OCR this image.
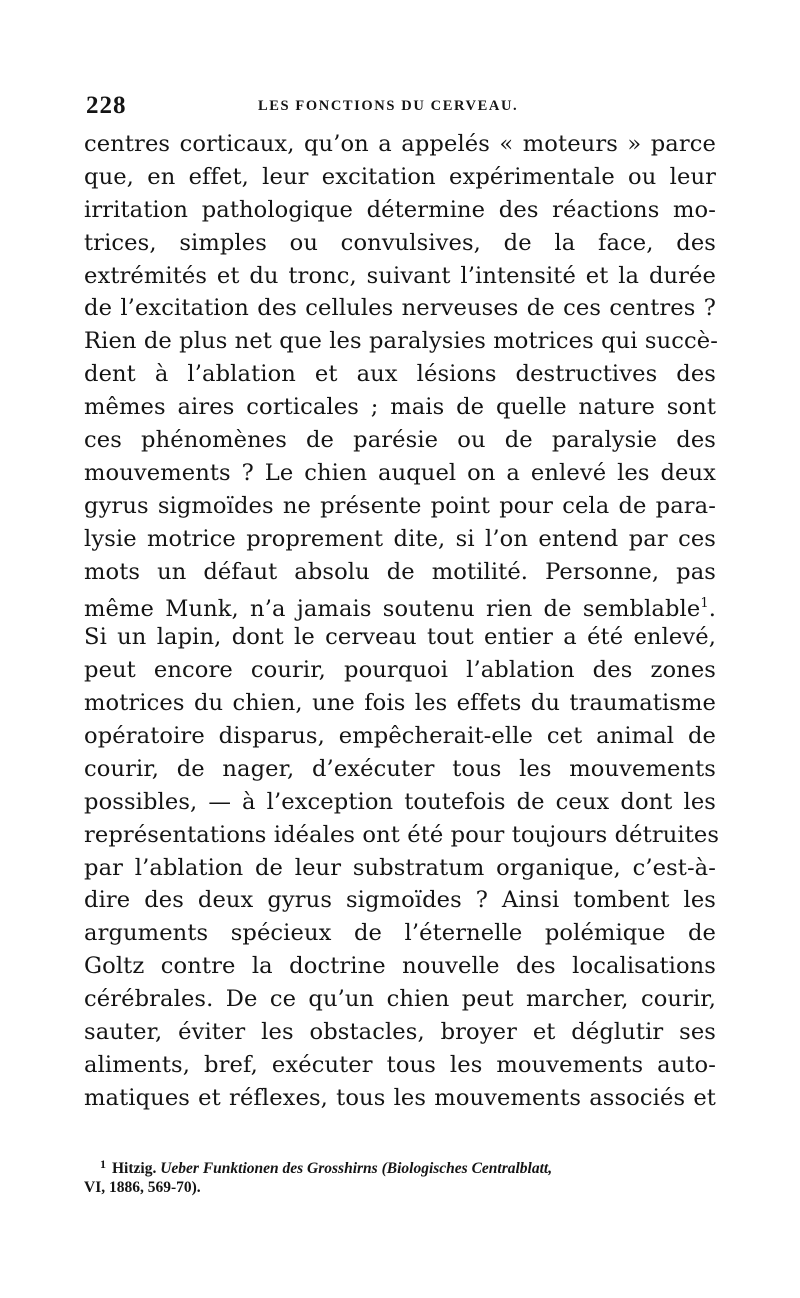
228	LES FONCTIONS DU CERVEAU.
centres corticaux, qu’on a appelés « moteurs » parce
que, en effet, leur excitation expérimentale ou leur
irritation pathologique détermine des réactions mo-
trices, simples ou convulsives, de la face, des
extrémités et du tronc, suivant l’intensité et la durée
de l’excitation des cellules nerveuses de ces centres ?
Rien de plus net que les paralysies motrices qui succè-
dent à l’ablation et aux lésions destructives des
mêmes aires corticales ; mais de quelle nature sont
ces phénomènes de parésie ou de paralysie des
mouvements ? Le chien auquel on a enlevé les deux
gyrus sigmoïdes ne présente point pour cela de para-
lysie motrice proprement dite, si l’on entend par ces
mots un défaut absolu de motilité. Personne, pas
même Munk, n’a jamais soutenu rien de semblable$^1$.
Si un lapin, dont le cerveau tout entier a été enlevé,
peut encore courir, pourquoi l’ablation des zones
motrices du chien, une fois les effets du traumatisme
opératoire disparus, empêcherait-elle cet animal de
courir, de nager, d’exécuter tous les mouvements
possibles, — à l’exception toutefois de ceux dont les
représentations idéales ont été pour toujours détruites
par l’ablation de leur substratum organique, c’est-à-
dire des deux gyrus sigmoïdes ? Ainsi tombent les
arguments spécieux de l’éternelle polémique de
Goltz contre la doctrine nouvelle des localisations
cérébrales. De ce qu’un chien peut marcher, courir,
sauter, éviter les obstacles, broyer et déglutir ses
aliments, bref, exécuter tous les mouvements auto-
matiques et réflexes, tous les mouvements associés et
$^1$ Hitzig. Ueber Funktionen des Grosshirns (Biologisches Centralblatt,
VI, 1886, 569-70).
